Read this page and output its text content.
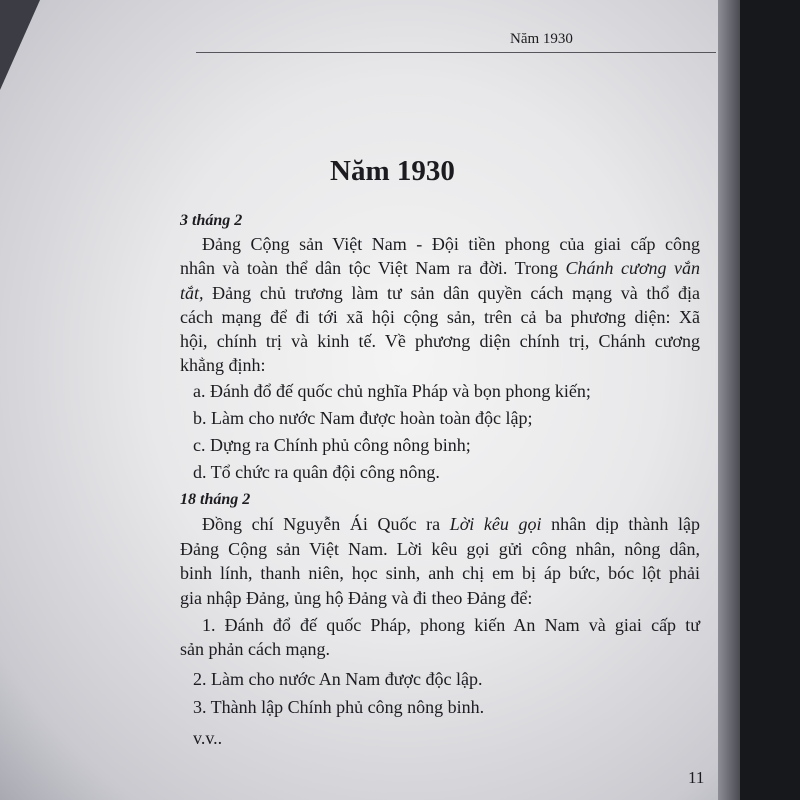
Năm 1930
Năm 1930
3 tháng 2
Đảng Cộng sản Việt Nam - Đội tiền phong của giai cấp công
nhân và toàn thể dân tộc Việt Nam ra đời. Trong Chánh cương vắn
tắt, Đảng chủ trương làm tư sản dân quyền cách mạng và thổ địa
cách mạng để đi tới xã hội cộng sản, trên cả ba phương diện: Xã
hội, chính trị và kinh tế. Về phương diện chính trị, Chánh cương
khẳng định:
a. Đánh đổ đế quốc chủ nghĩa Pháp và bọn phong kiến;
b. Làm cho nước Nam được hoàn toàn độc lập;
c. Dựng ra Chính phủ công nông binh;
d. Tổ chức ra quân đội công nông.
18 tháng 2
Đồng chí Nguyễn Ái Quốc ra Lời kêu gọi nhân dịp thành lập
Đảng Cộng sản Việt Nam. Lời kêu gọi gửi công nhân, nông dân,
binh lính, thanh niên, học sinh, anh chị em bị áp bức, bóc lột phải
gia nhập Đảng, ủng hộ Đảng và đi theo Đảng để:
1. Đánh đổ đế quốc Pháp, phong kiến An Nam và giai cấp tư
sản phản cách mạng.
2. Làm cho nước An Nam được độc lập.
3. Thành lập Chính phủ công nông binh.
v.v..
11
